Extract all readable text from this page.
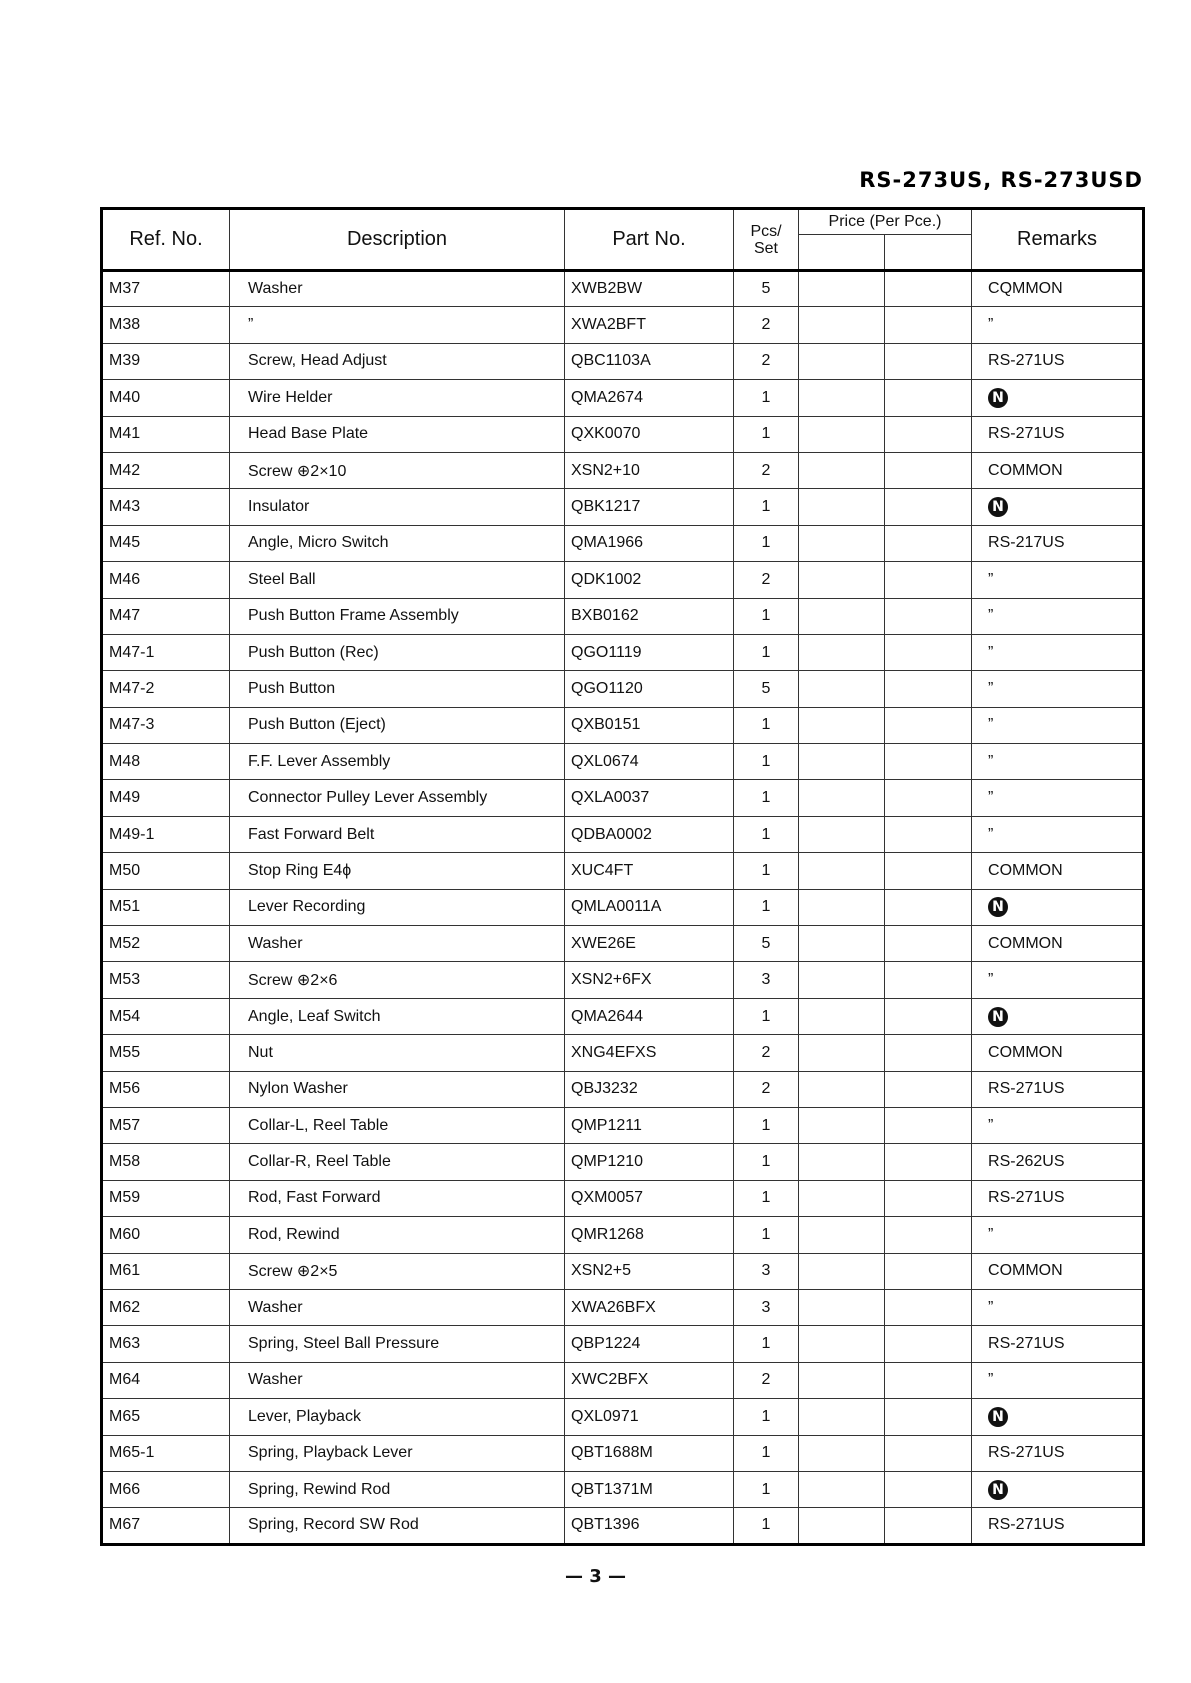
RS-273US, RS-273USD
Ref. No.	Description	Part No.	Pcs/
Set	Price (Per Pce.)		Remarks

M37	Washer	XWB2BW	5			CQMMON
M38	”	XWA2BFT	2			”
M39	Screw, Head Adjust	QBC1103A	2			RS-271US
M40	Wire Helder	QMA2674	1			N
M41	Head Base Plate	QXK0070	1			RS-271US
M42	Screw ⊕2×10	XSN2+10	2			COMMON
M43	Insulator	QBK1217	1			N
M45	Angle, Micro Switch	QMA1966	1			RS-217US
M46	Steel Ball	QDK1002	2			”
M47	Push Button Frame Assembly	BXB0162	1			”
M47-1	Push Button (Rec)	QGO1119	1			”
M47-2	Push Button	QGO1120	5			”
M47-3	Push Button (Eject)	QXB0151	1			”
M48	F.F. Lever Assembly	QXL0674	1			”
M49	Connector Pulley Lever Assembly	QXLA0037	1			”
M49-1	Fast Forward Belt	QDBA0002	1			”
M50	Stop Ring E4ϕ	XUC4FT	1			COMMON
M51	Lever Recording	QMLA0011A	1			N
M52	Washer	XWE26E	5			COMMON
M53	Screw ⊕2×6	XSN2+6FX	3			”
M54	Angle, Leaf Switch	QMA2644	1			N
M55	Nut	XNG4EFXS	2			COMMON
M56	Nylon Washer	QBJ3232	2			RS-271US
M57	Collar-L, Reel Table	QMP1211	1			”
M58	Collar-R, Reel Table	QMP1210	1			RS-262US
M59	Rod, Fast Forward	QXM0057	1			RS-271US
M60	Rod, Rewind	QMR1268	1			”
M61	Screw ⊕2×5	XSN2+5	3			COMMON
M62	Washer	XWA26BFX	3			”
M63	Spring, Steel Ball Pressure	QBP1224	1			RS-271US
M64	Washer	XWC2BFX	2			”
M65	Lever, Playback	QXL0971	1			N
M65-1	Spring, Playback Lever	QBT1688M	1			RS-271US
M66	Spring, Rewind Rod	QBT1371M	1			N
M67	Spring, Record SW Rod	QBT1396	1			RS-271US
— 3 —
